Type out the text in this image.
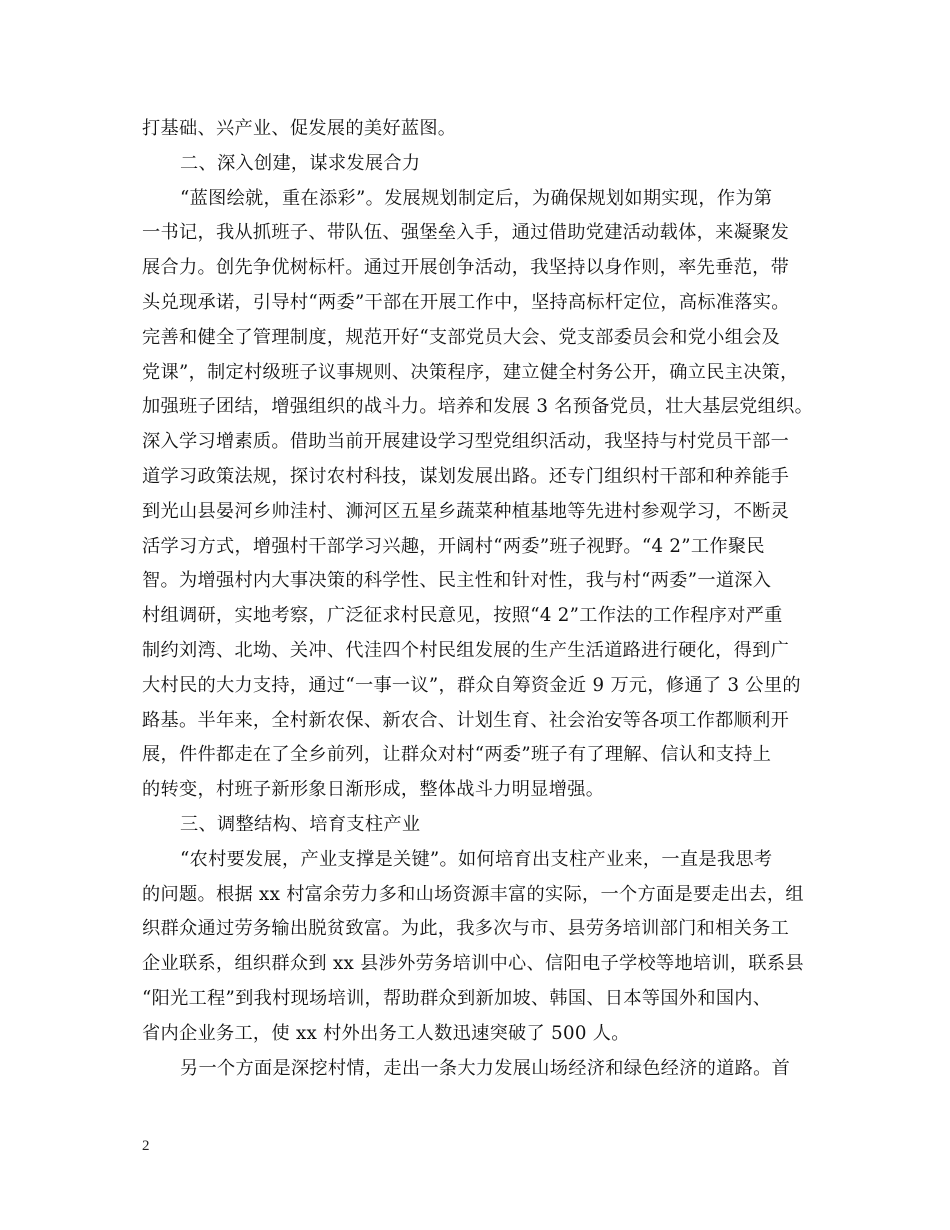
打基础、兴产业、促发展的美好蓝图。
二、深入创建，谋求发展合力
“蓝图绘就，重在添彩”。发展规划制定后，为确保规划如期实现，作为第
一书记，我从抓班子、带队伍、强堡垒入手，通过借助党建活动载体，来凝聚发
展合力。创先争优树标杆。通过开展创争活动，我坚持以身作则，率先垂范，带
头兑现承诺，引导村“两委”干部在开展工作中，坚持高标杆定位，高标准落实。
完善和健全了管理制度，规范开好“支部党员大会、党支部委员会和党小组会及
党课”，制定村级班子议事规则、决策程序，建立健全村务公开，确立民主决策，
加强班子团结，增强组织的战斗力。培养和发展 3 名预备党员，壮大基层党组织。
深入学习增素质。借助当前开展建设学习型党组织活动，我坚持与村党员干部一
道学习政策法规，探讨农村科技，谋划发展出路。还专门组织村干部和种养能手
到光山县晏河乡帅洼村、浉河区五星乡蔬菜种植基地等先进村参观学习，不断灵
活学习方式，增强村干部学习兴趣，开阔村“两委”班子视野。“4 2”工作聚民
智。为增强村内大事决策的科学性、民主性和针对性，我与村“两委”一道深入
村组调研，实地考察，广泛征求村民意见，按照“4 2”工作法的工作程序对严重
制约刘湾、北坳、关冲、代洼四个村民组发展的生产生活道路进行硬化，得到广
大村民的大力支持，通过“一事一议”，群众自筹资金近 9 万元，修通了 3 公里的
路基。半年来，全村新农保、新农合、计划生育、社会治安等各项工作都顺利开
展，件件都走在了全乡前列，让群众对村“两委”班子有了理解、信认和支持上
的转变，村班子新形象日渐形成，整体战斗力明显增强。
三、调整结构、培育支柱产业
“农村要发展，产业支撑是关键”。如何培育出支柱产业来，一直是我思考
的问题。根据 xx 村富余劳力多和山场资源丰富的实际，一个方面是要走出去，组
织群众通过劳务输出脱贫致富。为此，我多次与市、县劳务培训部门和相关务工
企业联系，组织群众到 xx 县涉外劳务培训中心、信阳电子学校等地培训，联系县
“阳光工程”到我村现场培训，帮助群众到新加坡、韩国、日本等国外和国内、
省内企业务工，使 xx 村外出务工人数迅速突破了 500 人。
另一个方面是深挖村情，走出一条大力发展山场经济和绿色经济的道路。首
2
